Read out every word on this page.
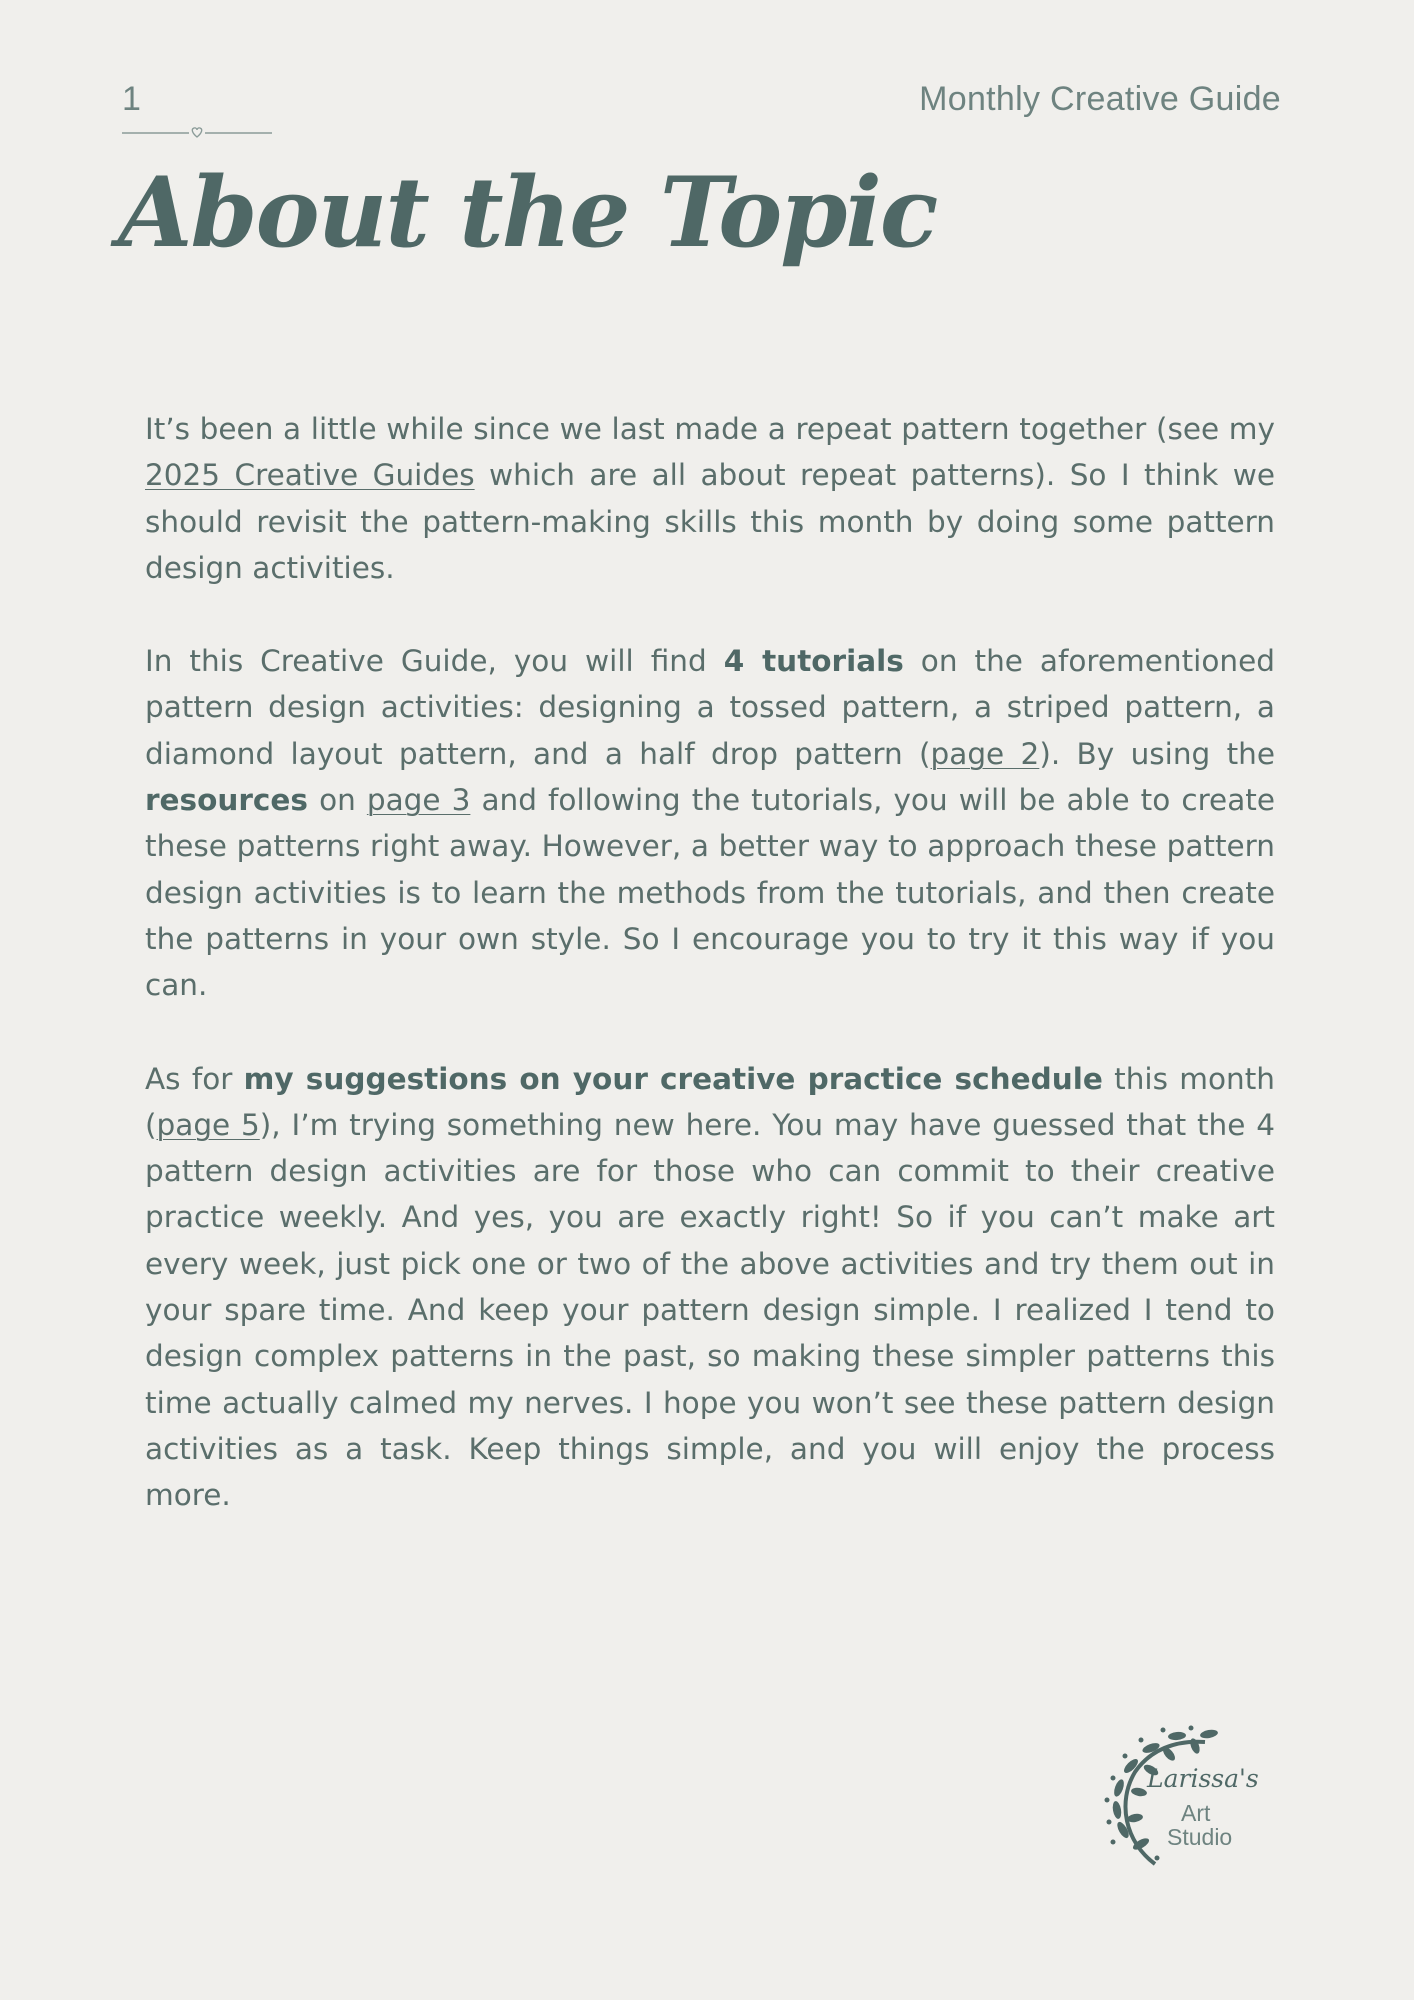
1	Monthly Creative Guide
About the Topic

It’s been a little while since we last made a repeat pattern together (see my 2025 Creative Guides which are all about repeat patterns). So I think we should revisit the pattern-making skills this month by doing some pattern design activities.

In this Creative Guide, you will find 4 tutorials on the aforementioned pattern design activities: designing a tossed pattern, a striped pattern, a diamond layout pattern, and a half drop pattern (page 2). By using the resources on page 3 and following the tutorials, you will be able to create these patterns right away. However, a better way to approach these pattern design activities is to learn the methods from the tutorials, and then create the patterns in your own style. So I encourage you to try it this way if you can.

As for my suggestions on your creative practice schedule this month (page 5), I’m trying something new here. You may have guessed that the 4 pattern design activities are for those who can commit to their creative practice weekly. And yes, you are exactly right! So if you can’t make art every week, just pick one or two of the above activities and try them out in your spare time. And keep your pattern design simple. I realized I tend to design complex patterns in the past, so making these simpler patterns this time actually calmed my nerves. I hope you won’t see these pattern design activities as a task. Keep things simple, and you will enjoy the process more.

Larissa's
Art
Studio
